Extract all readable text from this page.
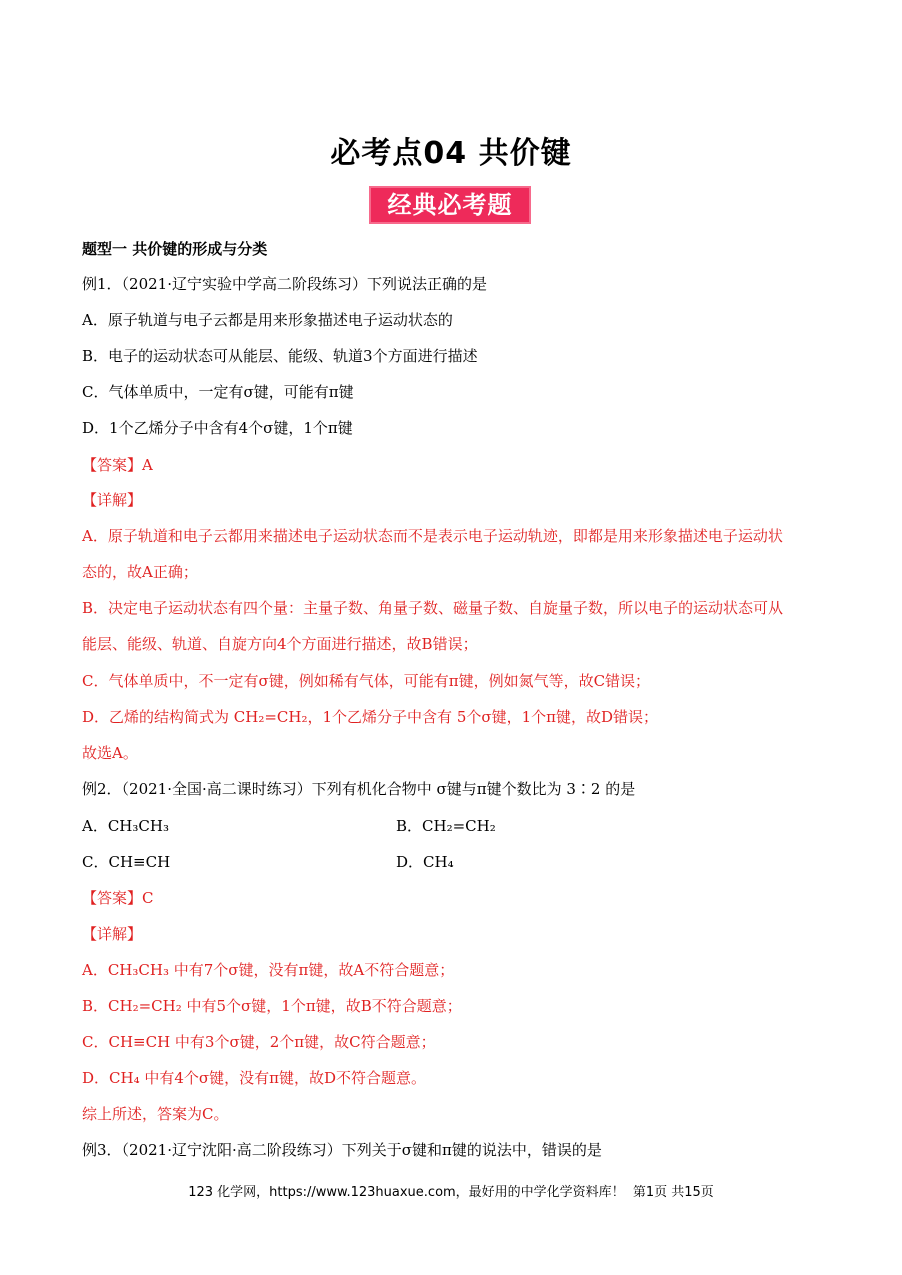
必考点04 共价键
经典必考题
题型一 共价键的形成与分类
例1．（2021·辽宁实验中学高二阶段练习）下列说法正确的是
A．原子轨道与电子云都是用来形象描述电子运动状态的
B．电子的运动状态可从能层、能级、轨道3个方面进行描述
C．气体单质中，一定有σ键，可能有π键
D．1个乙烯分子中含有4个σ键，1个π键
【答案】A
【详解】
A．原子轨道和电子云都用来描述电子运动状态而不是表示电子运动轨迹，即都是用来形象描述电子运动状
态的，故A正确；
B．决定电子运动状态有四个量：主量子数、角量子数、磁量子数、自旋量子数，所以电子的运动状态可从
能层、能级、轨道、自旋方向4个方面进行描述，故B错误；
C．气体单质中，不一定有σ键，例如稀有气体，可能有π键，例如氮气等，故C错误；
D．乙烯的结构简式为 CH₂=CH₂，1个乙烯分子中含有 5个σ键，1个π键，故D错误；
故选A。
例2．（2021·全国·高二课时练习）下列有机化合物中 σ键与π键个数比为 3∶2 的是
A．CH₃CH₃	B．CH₂=CH₂
C．CH≡CH	D．CH₄
【答案】C
【详解】
A．CH₃CH₃ 中有7个σ键，没有π键，故A不符合题意；
B．CH₂=CH₂ 中有5个σ键，1个π键，故B不符合题意；
C．CH≡CH 中有3个σ键，2个π键，故C符合题意；
D．CH₄ 中有4个σ键，没有π键，故D不符合题意。
综上所述，答案为C。
例3．（2021·辽宁沈阳·高二阶段练习）下列关于σ键和π键的说法中，错误的是
123 化学网，https://www.123huaxue.com，最好用的中学化学资料库！ 第1页 共15页
